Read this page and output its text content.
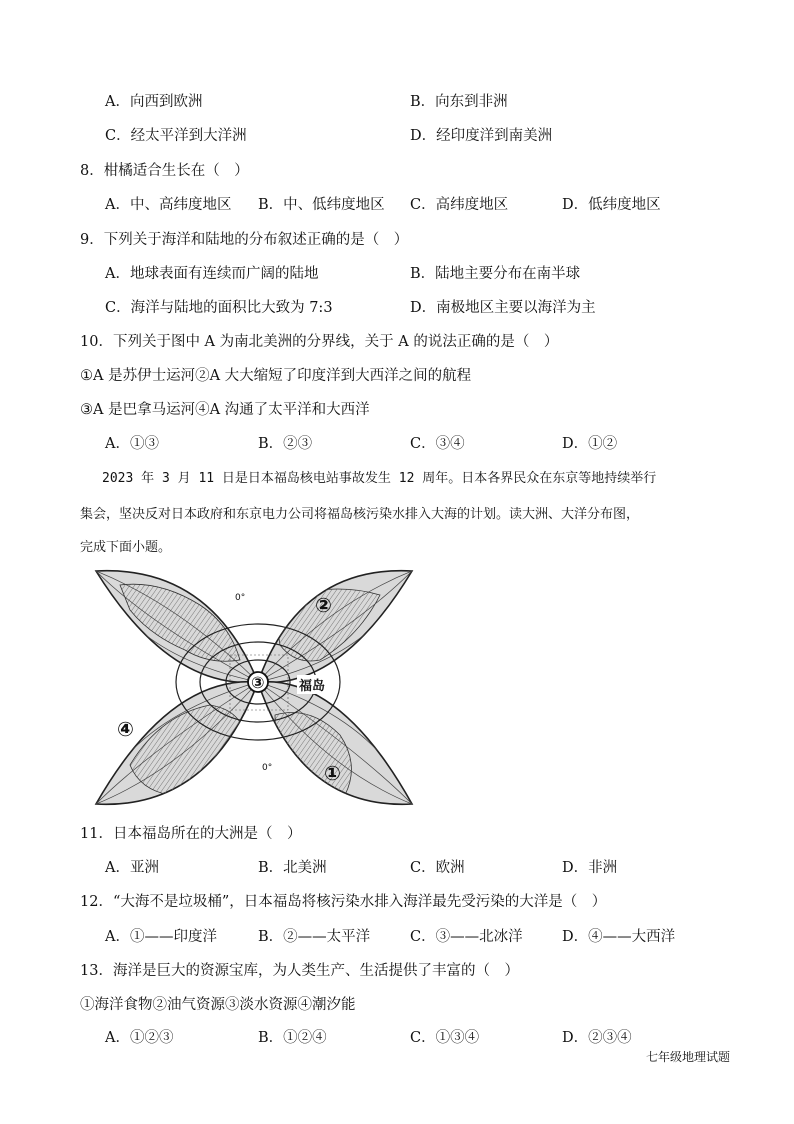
A．向西到欧洲	B．向东到非洲
C．经太平洋到大洋洲	D．经印度洋到南美洲
8．柑橘适合生长在（　）
A．中、高纬度地区 B．中、低纬度地区 C．高纬度地区	D．低纬度地区
9．下列关于海洋和陆地的分布叙述正确的是（　）
A．地球表面有连续而广阔的陆地	B．陆地主要分布在南半球
C．海洋与陆地的面积比大致为 7:3	D．南极地区主要以海洋为主
10．下列关于图中 A 为南北美洲的分界线，关于 A 的说法正确的是（　）
①A 是苏伊士运河②A 大大缩短了印度洋到大西洋之间的航程
③A 是巴拿马运河④A 沟通了太平洋和大西洋
A．①③	B．②③	C．③④	D．①②
2023 年 3 月 11 日是日本福岛核电站事故发生 12 周年。日本各界民众在东京等地持续举行
集会，坚决反对日本政府和东京电力公司将福岛核污染水排入大海的计划。读大洲、大洋分布图，
完成下面小题。
②
③
④
①
福岛
0°
0°
11．日本福岛所在的大洲是（　）
A．亚洲	B．北美洲	C．欧洲	D．非洲
12．“大海不是垃圾桶”，日本福岛将核污染水排入海洋最先受污染的大洋是（　）
A．①——印度洋	B．②——太平洋	C．③——北冰洋	D．④——大西洋
13．海洋是巨大的资源宝库，为人类生产、生活提供了丰富的（　）
①海洋食物②油气资源③淡水资源④潮汐能
A．①②③	B．①②④	C．①③④	D．②③④
七年级地理试题
